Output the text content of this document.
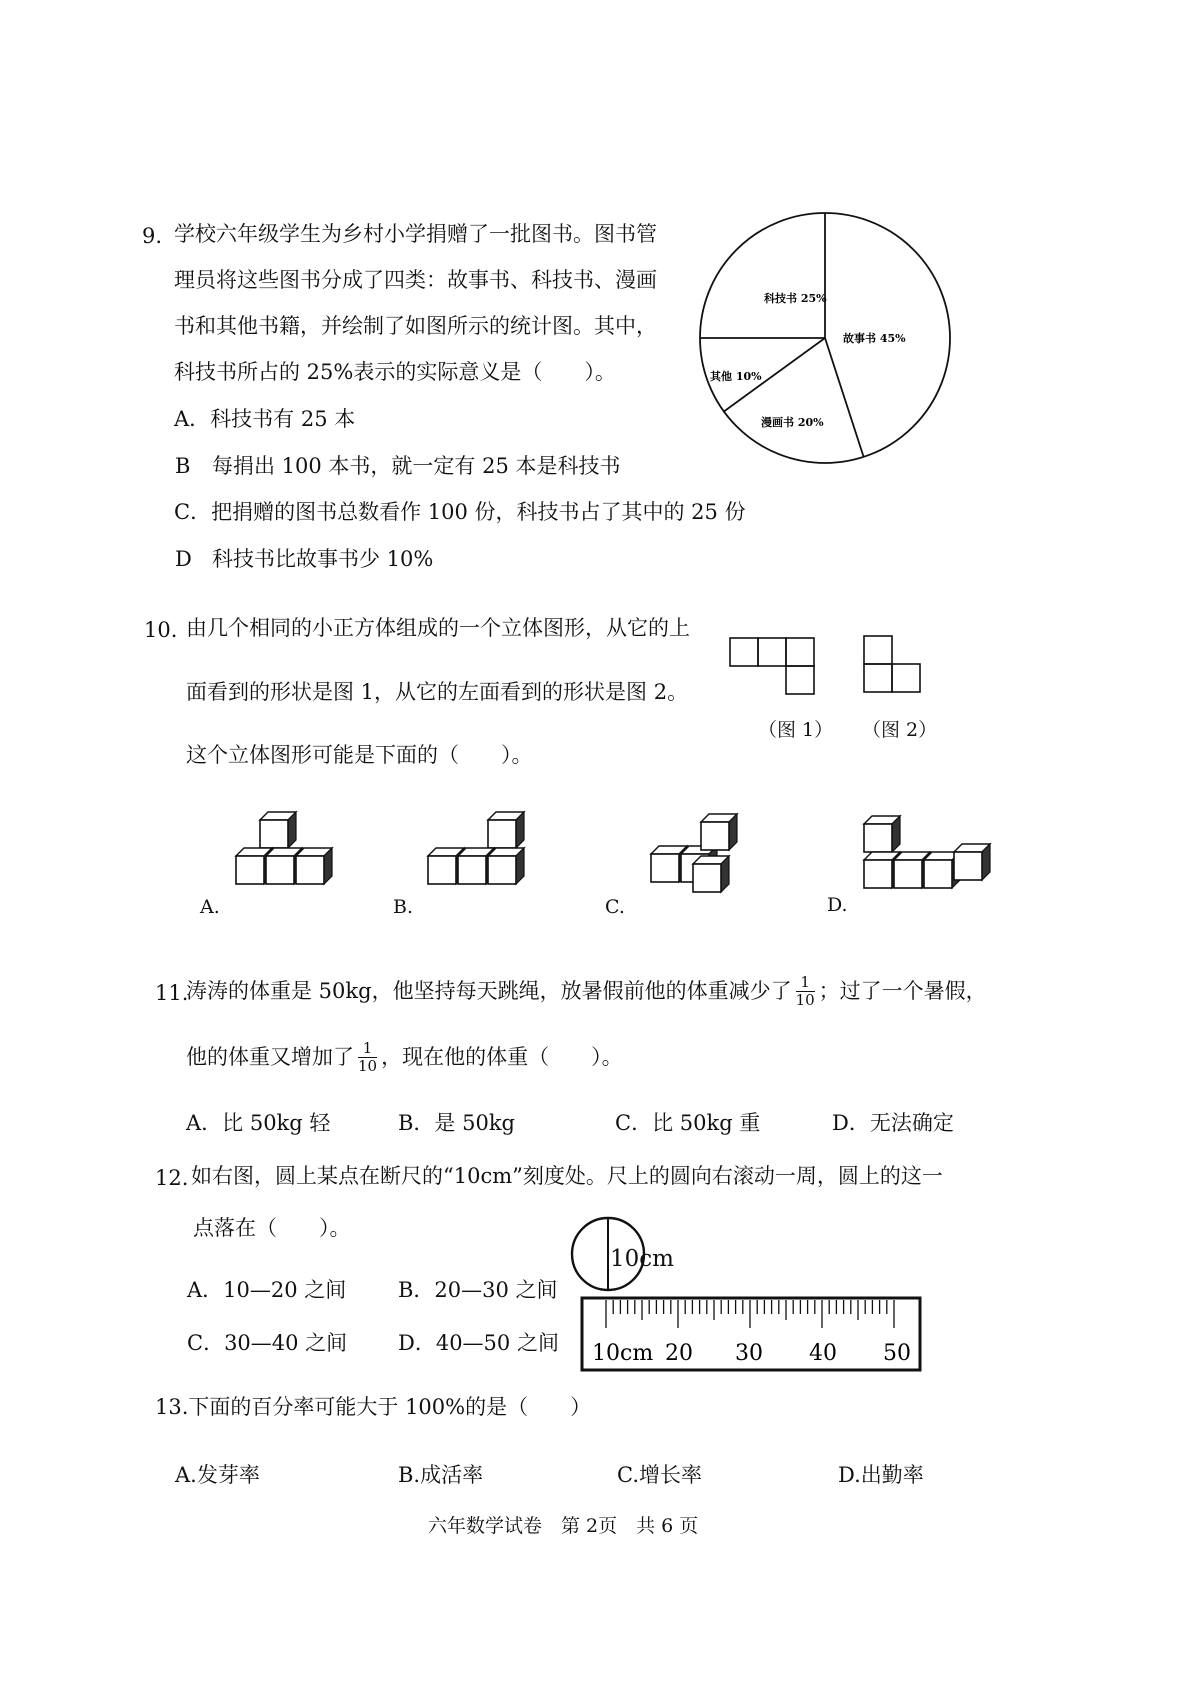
9. 学校六年级学生为乡村小学捐赠了一批图书。图书管
理员将这些图书分成了四类：故事书、科技书、漫画
书和其他书籍，并绘制了如图所示的统计图。其中，
科技书所占的 25%表示的实际意义是（　　）。
A．科技书有 25 本
B 每捐出 100 本书，就一定有 25 本是科技书
C．把捐赠的图书总数看作 100 份，科技书占了其中的 25 份
D 科技书比故事书少 10%
科技书 25%
故事书 45%
其他 10%
漫画书 20%
10. 由几个相同的小正方体组成的一个立体图形，从它的上
面看到的形状是图 1，从它的左面看到的形状是图 2。
这个立体图形可能是下面的（　　）。
（图 1） （图 2）
A.	B.	C.	D.
11.
涛涛的体重是 50kg，他坚持每天跳绳，放暑假前他的体重减少了 $\frac{1}{10}$ ；过了一个暑假，
他的体重又增加了 $\frac{1}{10}$ ，现在他的体重（　　）。
A．比 50kg 轻	B．是 50kg	C．比 50kg 重	D．无法确定
12. 如右图，圆上某点在断尺的“10cm”刻度处。尺上的圆向右滚动一周，圆上的这一
点落在（　　）。
A．10—20 之间 B．20—30 之间
C．30—40 之间 D．40—50 之间
10cm
10cm 20 30 40 50
13.下面的百分率可能大于 100%的是（　　）
A.发芽率	B.成活率	C.增长率	D.出勤率
六年数学试卷　第 2页　共 6 页
